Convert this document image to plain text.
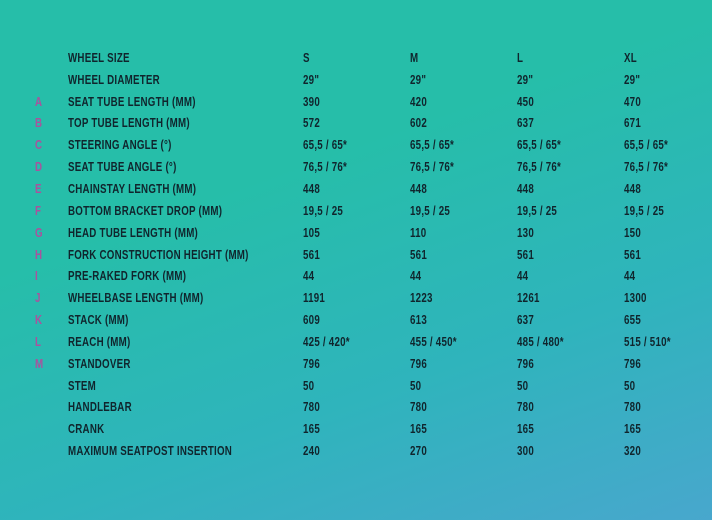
WHEEL SIZE	S	M	L	XL
WHEEL DIAMETER	29"	29"	29"	29"
A	SEAT TUBE LENGTH (MM)	390	420	450	470
B	TOP TUBE LENGTH (MM)	572	602	637	671
C	STEERING ANGLE (°)	65,5 / 65*	65,5 / 65*	65,5 / 65*	65,5 / 65*
D	SEAT TUBE ANGLE (°)	76,5 / 76*	76,5 / 76*	76,5 / 76*	76,5 / 76*
E	CHAINSTAY LENGTH (MM)	448	448	448	448
F	BOTTOM BRACKET DROP (MM)	19,5 / 25	19,5 / 25	19,5 / 25	19,5 / 25
G	HEAD TUBE LENGTH (MM)	105	110	130	150
H	FORK CONSTRUCTION HEIGHT (MM)	561	561	561	561
I	PRE-RAKED FORK (MM)	44	44	44	44
J	WHEELBASE LENGTH (MM)	1191	1223	1261	1300
K	STACK (MM)	609	613	637	655
L	REACH (MM)	425 / 420*	455 / 450*	485 / 480*	515 / 510*
M	STANDOVER	796	796	796	796
STEM	50	50	50	50
HANDLEBAR	780	780	780	780
CRANK	165	165	165	165
MAXIMUM SEATPOST INSERTION	240	270	300	320
